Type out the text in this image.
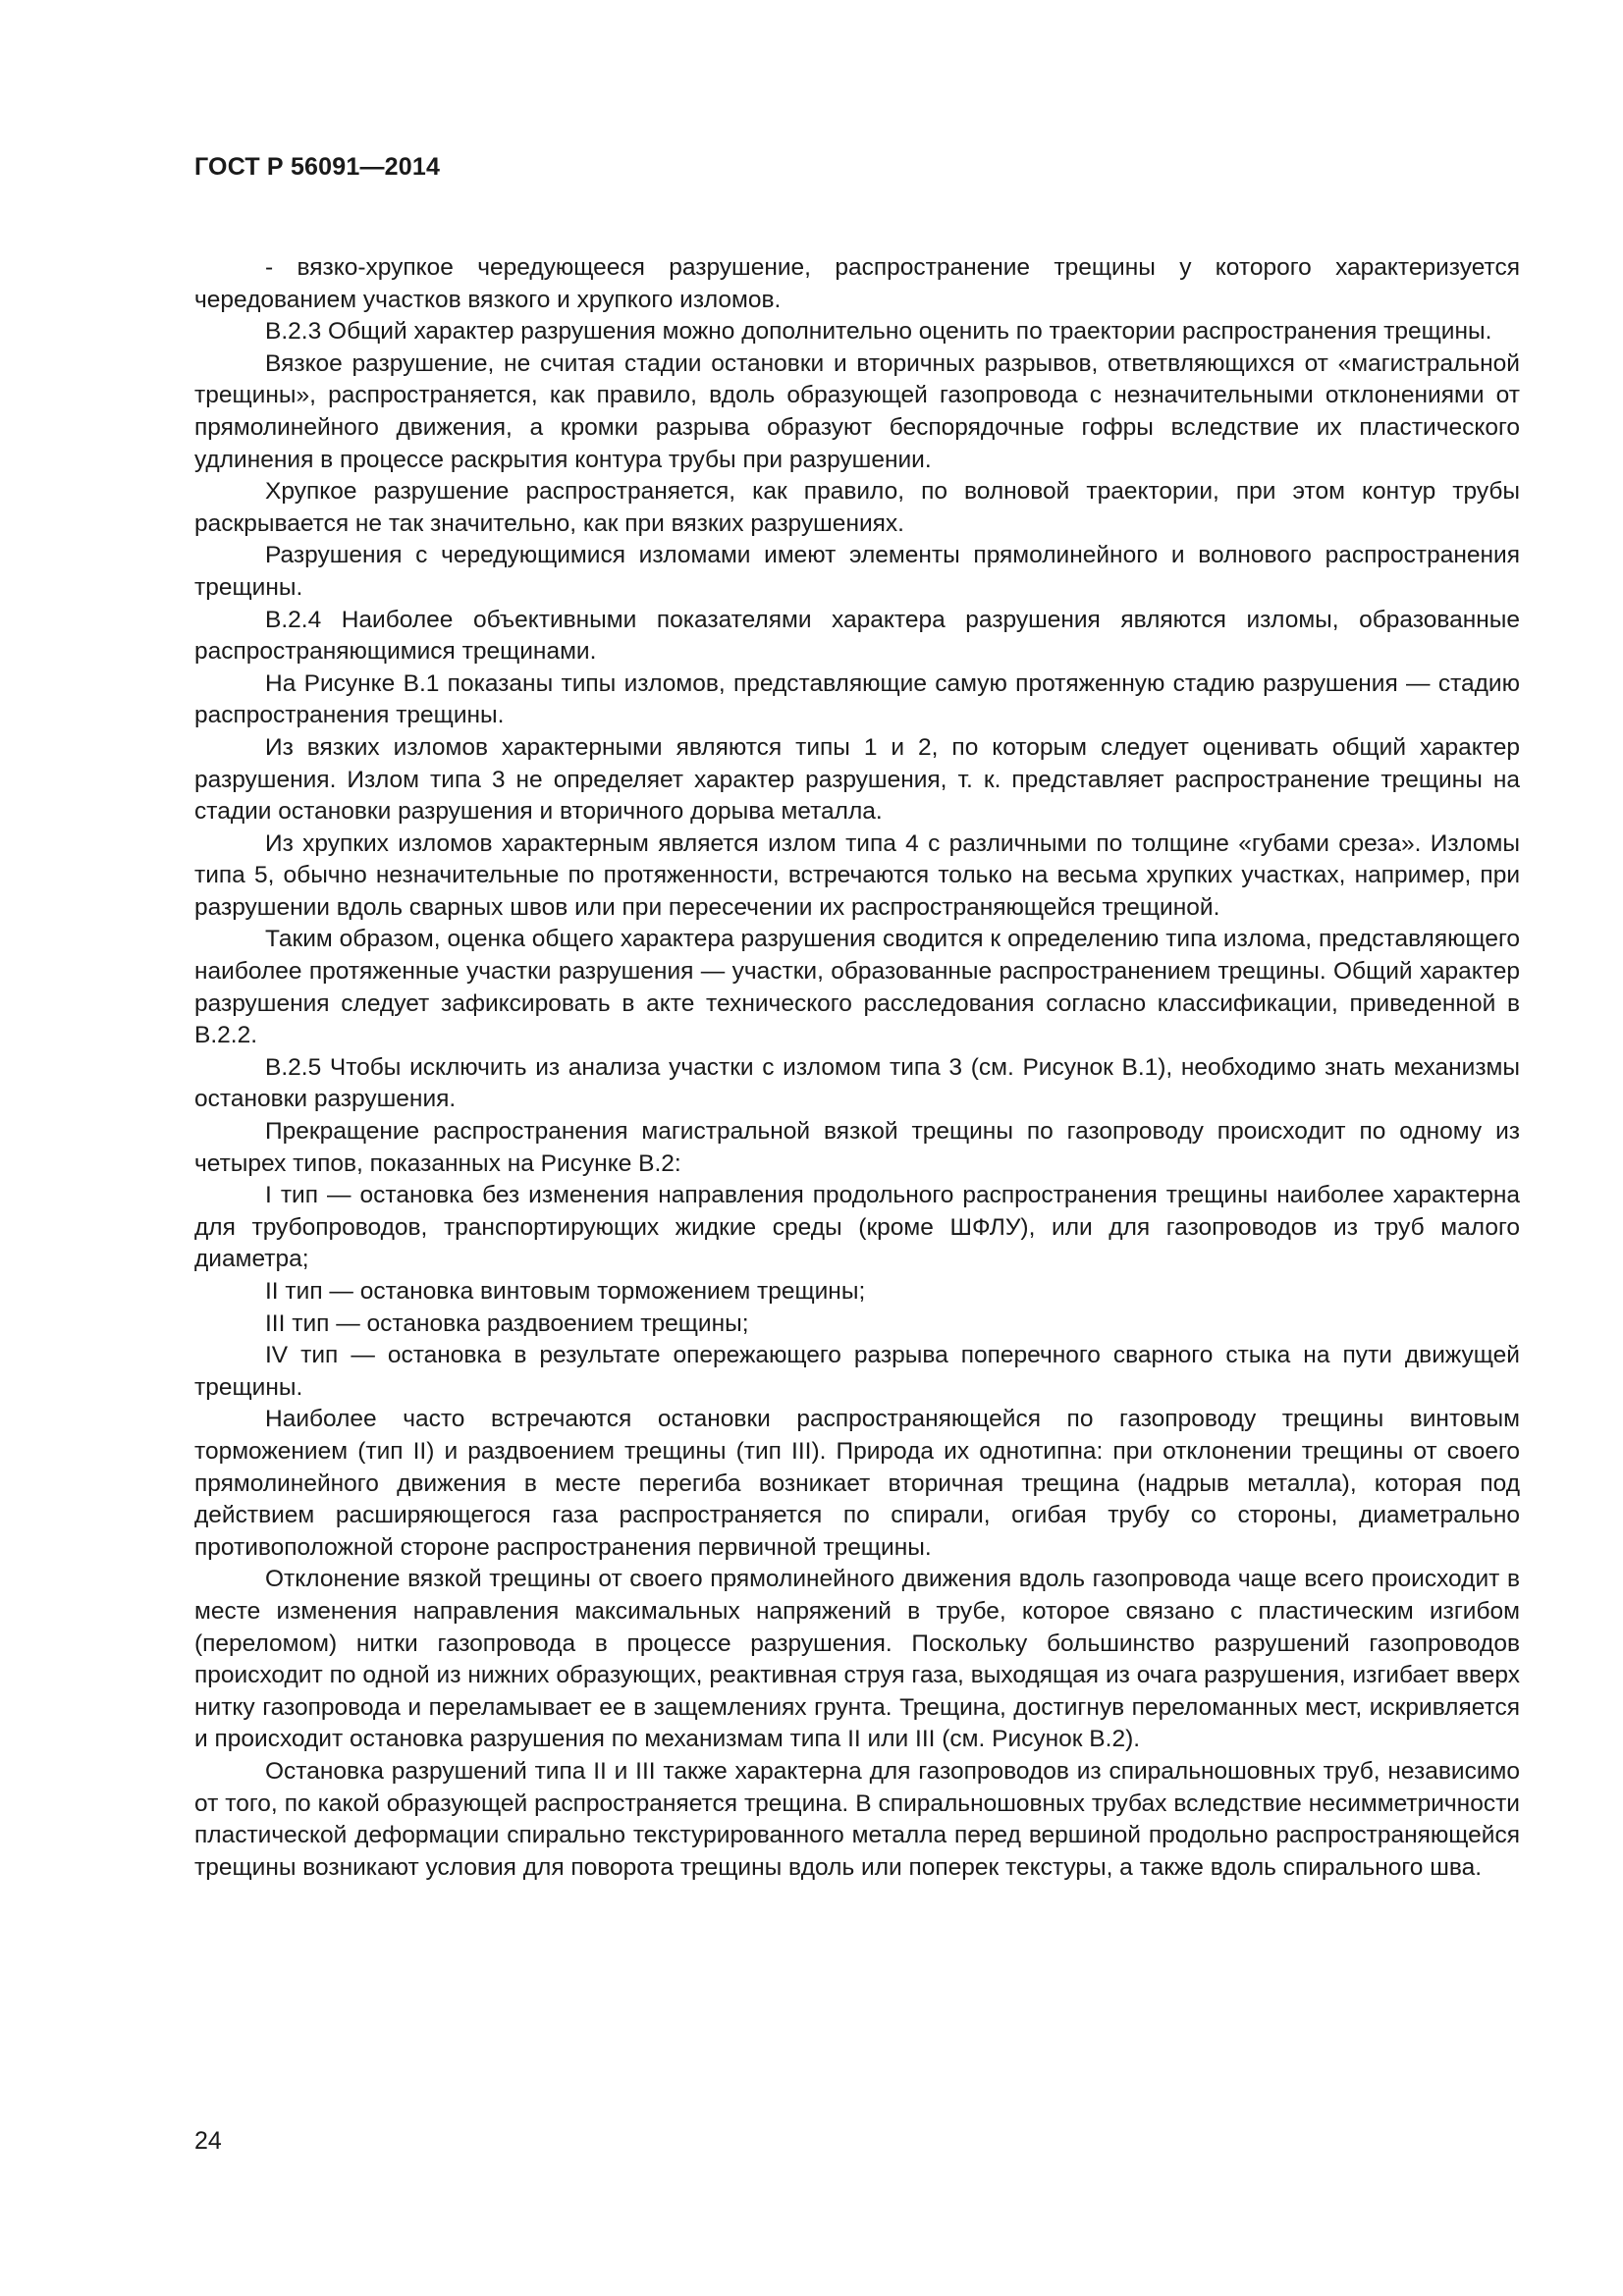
ГОСТ Р 56091—2014

- вязко-хрупкое чередующееся разрушение, распространение трещины у которого характеризуется чередованием участков вязкого и хрупкого изломов.

В.2.3 Общий характер разрушения можно дополнительно оценить по траектории распространения трещины.

Вязкое разрушение, не считая стадии остановки и вторичных разрывов, ответвляющихся от «магистральной трещины», распространяется, как правило, вдоль образующей газопровода с незначительными отклонениями от прямолинейного движения, а кромки разрыва образуют беспорядочные гофры вследствие их пластического удлинения в процессе раскрытия контура трубы при разрушении.

Хрупкое разрушение распространяется, как правило, по волновой траектории, при этом контур трубы раскрывается не так значительно, как при вязких разрушениях.

Разрушения с чередующимися изломами имеют элементы прямолинейного и волнового распространения трещины.

В.2.4 Наиболее объективными показателями характера разрушения являются изломы, образованные распространяющимися трещинами.

На Рисунке В.1 показаны типы изломов, представляющие самую протяженную стадию разрушения — стадию распространения трещины.

Из вязких изломов характерными являются типы 1 и 2, по которым следует оценивать общий характер разрушения. Излом типа 3 не определяет характер разрушения, т. к. представляет распространение трещины на стадии остановки разрушения и вторичного дорыва металла.

Из хрупких изломов характерным является излом типа 4 с различными по толщине «губами среза». Изломы типа 5, обычно незначительные по протяженности, встречаются только на весьма хрупких участках, например, при разрушении вдоль сварных швов или при пересечении их распространяющейся трещиной.

Таким образом, оценка общего характера разрушения сводится к определению типа излома, представляющего наиболее протяженные участки разрушения — участки, образованные распространением трещины. Общий характер разрушения следует зафиксировать в акте технического расследования согласно классификации, приведенной в В.2.2.

В.2.5 Чтобы исключить из анализа участки с изломом типа 3 (см. Рисунок В.1), необходимо знать механизмы остановки разрушения.

Прекращение распространения магистральной вязкой трещины по газопроводу происходит по одному из четырех типов, показанных на Рисунке В.2:

I тип — остановка без изменения направления продольного распространения трещины наиболее характерна для трубопроводов, транспортирующих жидкие среды (кроме ШФЛУ), или для газопроводов из труб малого диаметра;

II тип — остановка винтовым торможением трещины;

III тип — остановка раздвоением трещины;

IV тип — остановка в результате опережающего разрыва поперечного сварного стыка на пути движущей трещины.

Наиболее часто встречаются остановки распространяющейся по газопроводу трещины винтовым торможением (тип II) и раздвоением трещины (тип III). Природа их однотипна: при отклонении трещины от своего прямолинейного движения в месте перегиба возникает вторичная трещина (надрыв металла), которая под действием расширяющегося газа распространяется по спирали, огибая трубу со стороны, диаметрально противоположной стороне распространения первичной трещины.

Отклонение вязкой трещины от своего прямолинейного движения вдоль газопровода чаще всего происходит в месте изменения направления максимальных напряжений в трубе, которое связано с пластическим изгибом (переломом) нитки газопровода в процессе разрушения. Поскольку большинство разрушений газопроводов происходит по одной из нижних образующих, реактивная струя газа, выходящая из очага разрушения, изгибает вверх нитку газопровода и переламывает ее в защемлениях грунта. Трещина, достигнув переломанных мест, искривляется и происходит остановка разрушения по механизмам типа II или III (см. Рисунок В.2).

Остановка разрушений типа II и III также характерна для газопроводов из спиральношовных труб, независимо от того, по какой образующей распространяется трещина. В спиральношовных трубах вследствие несимметричности пластической деформации спирально текстурированного металла перед вершиной продольно распространяющейся трещины возникают условия для поворота трещины вдоль или поперек текстуры, а также вдоль спирального шва.

24
